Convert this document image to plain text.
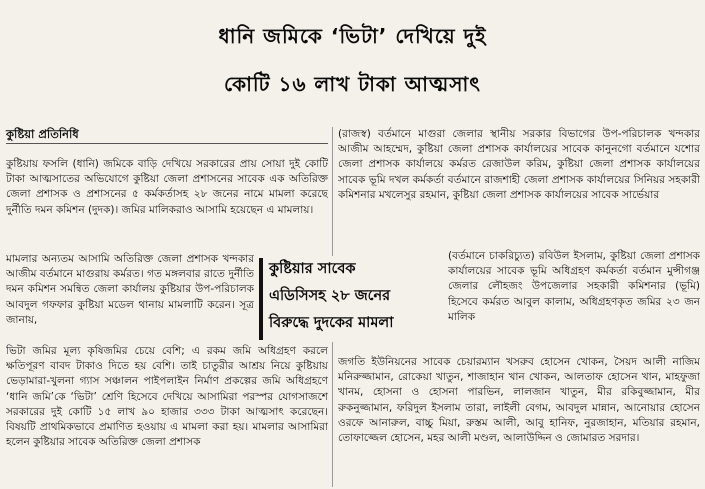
ধানি জমিকে ‘ভিটা’ দেখিয়ে দুই
কোটি ১৬ লাখ টাকা আত্মসাৎ
কুষ্টিয়া প্রতিনিধি

কুষ্টিয়ায় ফসলি (ধানি) জমিকে বাড়ি দেখিয়ে সরকারের প্রায় সোয়া দুই কোটি টাকা আত্মসাতের অভিযোগে কুষ্টিয়া জেলা প্রশাসনের সাবেক এক অতিরিক্ত জেলা প্রশাসক ও প্রশাসনের ৫ কর্মকর্তাসহ ২৮ জনের নামে মামলা করেছে দুর্নীতি দমন কমিশন (দুদক)। জমির মালিকরাও আসামি হয়েছেন এ মামলায়।

মামলার অন্যতম আসামি অতিরিক্ত জেলা প্রশাসক খন্দকার আজীম বর্তমানে মাগুরায় কর্মরত। গত মঙ্গলবার রাতে দুর্নীতি দমন কমিশন সমন্বিত জেলা কার্যালয় কুষ্টিয়ার উপ-পরিচালক আবদুল গফফার কুষ্টিয়া মডেল থানায় মামলাটি করেন। সূত্র জানায়,

ভিটা জমির মূল্য কৃষিজমির চেয়ে বেশি; এ রকম জমি অধিগ্রহণ করলে ক্ষতিপূরণ বাবদ টাকাও দিতে হয় বেশি। তাই চাতুরীর আশ্রয় নিয়ে কুষ্টিয়ায় ভেড়ামারা-খুলনা গ্যাস সঞ্চালন পাইপলাইন নির্মাণ প্রকল্পের জমি অধিগ্রহণে ‘ধানি জমি’কে ‘ভিটা’ শ্রেণি হিসেবে দেখিয়ে আসামিরা পরস্পর যোগসাজশে সরকারের দুই কোটি ১৫ লাখ ৯০ হাজার ৩৩৩ টাকা আত্মসাৎ করেছেন। বিষয়টি প্রাথমিকভাবে প্রমাণিত হওয়ায় এ মামলা করা হয়। মামলার আসামিরা হলেন কুষ্টিয়ার সাবেক অতিরিক্ত জেলা প্রশাসক

(রাজস্ব) বর্তমানে মাগুরা জেলার স্থানীয় সরকার বিভাগের উপ-পরিচালক খন্দকার আজীম আহম্মেদ, কুষ্টিয়া জেলা প্রশাসক কার্যালয়ের সাবেক কানুনগো বর্তমানে যশোর জেলা প্রশাসক কার্যালয়ে কর্মরত রেজাউল করিম, কুষ্টিয়া জেলা প্রশাসক কার্যালয়ের সাবেক ভূমি দখল কর্মকর্তা বর্তমানে রাজশাহী জেলা প্রশাসক কার্যালয়ের সিনিয়র সহকারী কমিশনার মখলেসুর রহমান, কুষ্টিয়া জেলা প্রশাসক কার্যালয়ের সাবেক সার্ভেয়ার

(বর্তমানে চাকরিচ্যুত) রবিউল ইসলাম, কুষ্টিয়া জেলা প্রশাসক কার্যালয়ের সাবেক ভূমি অধিগ্রহণ কর্মকর্তা বর্তমান মুন্সীগঞ্জ জেলার লৌহজং উপজেলার সহকারী কমিশনার (ভূমি) হিসেবে কর্মরত আবুল কালাম, অধিগ্রহণকৃত জমির ২৩ জন মালিক

জগতি ইউনিয়নের সাবেক চেয়ারম্যান খসরুব হোসেন খোকন, সৈয়দ আলী নাজিম মনিরুজ্জামান, রোকেয়া খাতুন, শাজাহান খান খোকন, আলতাফ হোসেন খান, মাহফুজা খানম, হোসনা ও হোসনা পারভিন, লালজান খাতুন, মীর রকিবুজ্জামান, মীর রুকনুজ্জামান, ফরিদুল ইসলাম তারা, লাইলী বেগম, আবদুল মান্নান, আনোয়ার হোসেন ওরফে আনারুল, বাচ্চু মিয়া, রুস্তম আলী, আবু হানিফ, নুরজাহান, মতিয়ার রহমান, তোফাজ্জেল হোসেন, মহর আলী মণ্ডল, আলাউদ্দিন ও জোমারত সরদার।

কুষ্টিয়ার সাবেক
এডিসিসহ ২৮ জনের
বিরুদ্ধে দুদকের মামলা
